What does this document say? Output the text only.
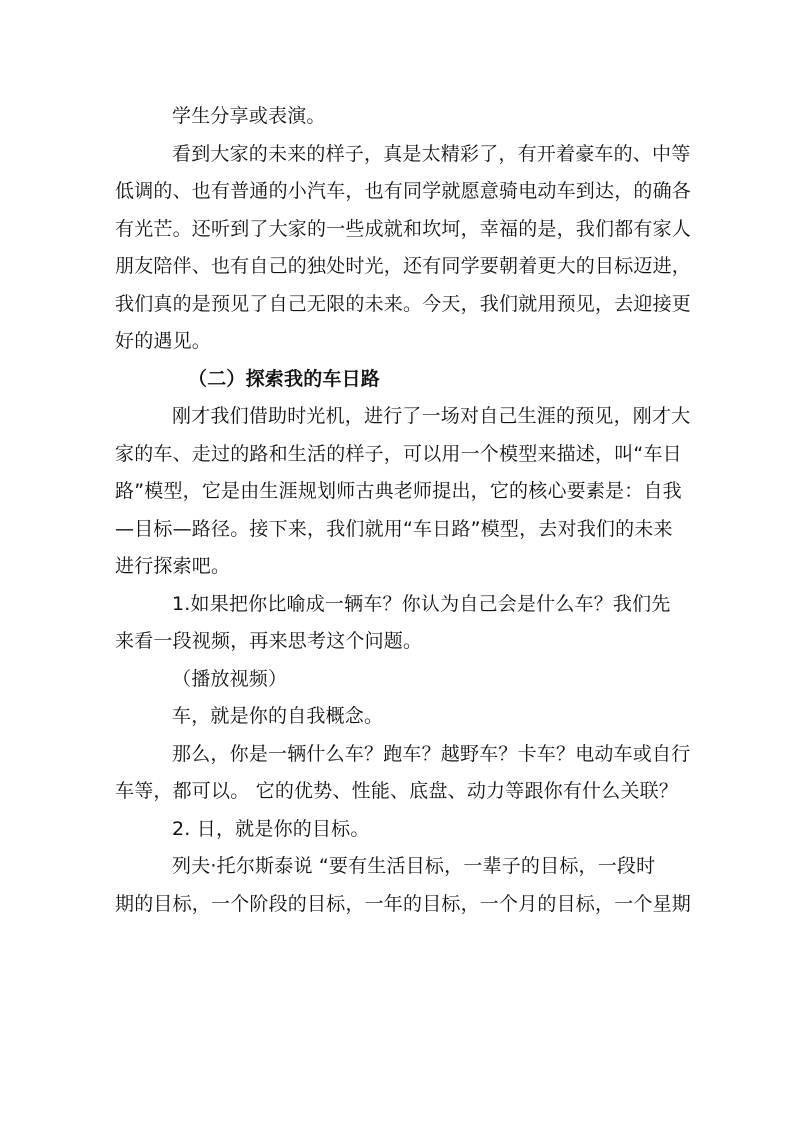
学生分享或表演。
看到大家的未来的样子，真是太精彩了，有开着豪车的、中等
低调的、也有普通的小汽车，也有同学就愿意骑电动车到达，的确各
有光芒。还听到了大家的一些成就和坎坷，幸福的是，我们都有家人
朋友陪伴、也有自己的独处时光，还有同学要朝着更大的目标迈进，
我们真的是预见了自己无限的未来。今天，我们就用预见，去迎接更
好的遇见。
（二）探索我的车日路
刚才我们借助时光机，进行了一场对自己生涯的预见，刚才大
家的车、走过的路和生活的样子，可以用一个模型来描述，叫“车日
路”模型，它是由生涯规划师古典老师提出，它的核心要素是：自我
—目标—路径。接下来，我们就用“车日路”模型，去对我们的未来
进行探索吧。
1.如果把你比喻成一辆车？你认为自己会是什么车？我们先
来看一段视频，再来思考这个问题。
（播放视频）
车，就是你的自我概念。
那么，你是一辆什么车？跑车？越野车？卡车？电动车或自行
车等，都可以。 它的优势、性能、底盘、动力等跟你有什么关联？
2. 日，就是你的目标。
列夫·托尔斯泰说 “要有生活目标，一辈子的目标，一段时
期的目标，一个阶段的目标，一年的目标，一个月的目标，一个星期
